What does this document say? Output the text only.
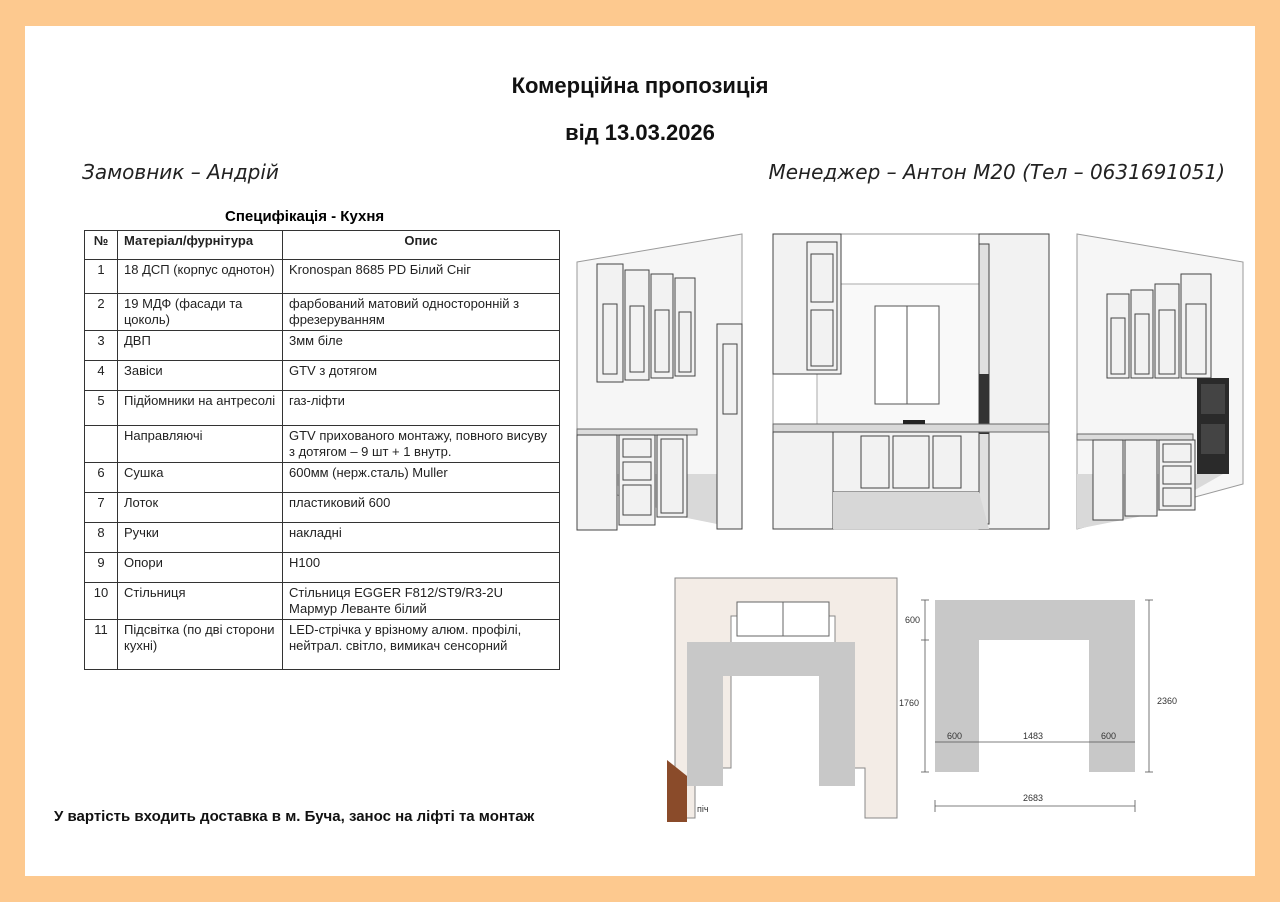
Комерційна пропозиція
від 13.03.2026
Замовник – Андрій	Менеджер – Антон М20 (Тел – 0631691051)
Специфікація - Кухня
№	Матеріал/фурнітура	Опис
1	18 ДСП (корпус однотон)	Kronospan 8685 PD Білий Сніг
2	19 МДФ (фасади та цоколь)	фарбований матовий односторонній з фрезеруванням
3	ДВП	3мм біле
4	Завіси	GTV з дотягом
5	Підйомники на антресолі	газ-ліфти
	Направляючі	GTV прихованого монтажу, повного висуву з дотягом – 9 шт + 1 внутр.
6	Сушка	600мм (нерж.сталь) Muller
7	Лоток	пластиковий 600
8	Ручки	накладні
9	Опори	Н100
10	Стільниця	Стільниця EGGER F812/ST9/R3-2U Мармур Леванте білий
11	Підсвітка (по дві сторони кухні)	LED-стрічка у врізному алюм. профілі, нейтрал. світло, вимикач сенсорний
піч
600
1760	2360
600	1483	600
2683
У вартість входить доставка в м. Буча, занос на ліфті та монтаж
